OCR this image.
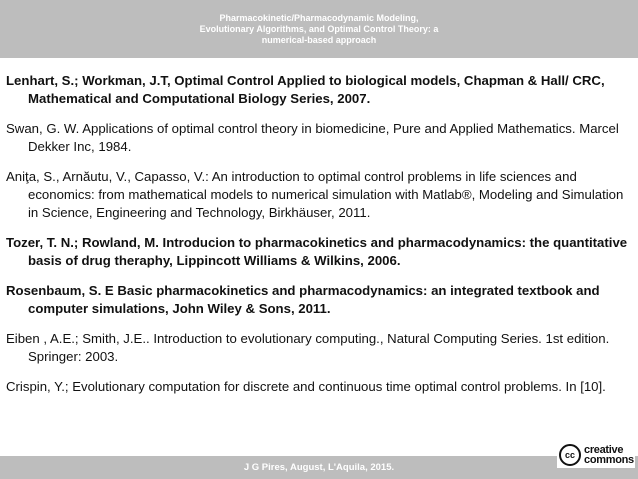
Pharmacokinetic/Pharmacodynamic Modeling,
Evolutionary Algorithms, and Optimal Control Theory: a
numerical-based approach

Lenhart, S.; Workman, J.T, Optimal Control Applied to biological models, Chapman & Hall/ CRC, Mathematical and Computational Biology Series, 2007.

Swan, G. W. Applications of optimal control theory in biomedicine, Pure and Applied Mathematics. Marcel Dekker Inc, 1984.

Aniţa, S., Arnăutu, V., Capasso, V.: An introduction to optimal control problems in life sciences and economics: from mathematical models to numerical simulation with Matlab®, Modeling and Simulation in Science, Engineering and Technology, Birkhäuser, 2011.

Tozer, T. N.; Rowland, M. Introducion to pharmacokinetics and pharmacodynamics: the quantitative basis of drug theraphy, Lippincott Williams & Wilkins, 2006.

Rosenbaum, S. E Basic pharmacokinetics and pharmacodynamics: an integrated textbook and computer simulations, John Wiley & Sons, 2011.

Eiben , A.E.; Smith, J.E.. Introduction to evolutionary computing., Natural Computing Series. 1st edition. Springer: 2003.

Crispin, Y.; Evolutionary computation for discrete and continuous time optimal control problems. In [10].

J G Pires, August, L'Aquila, 2015.
cc creative
commons
